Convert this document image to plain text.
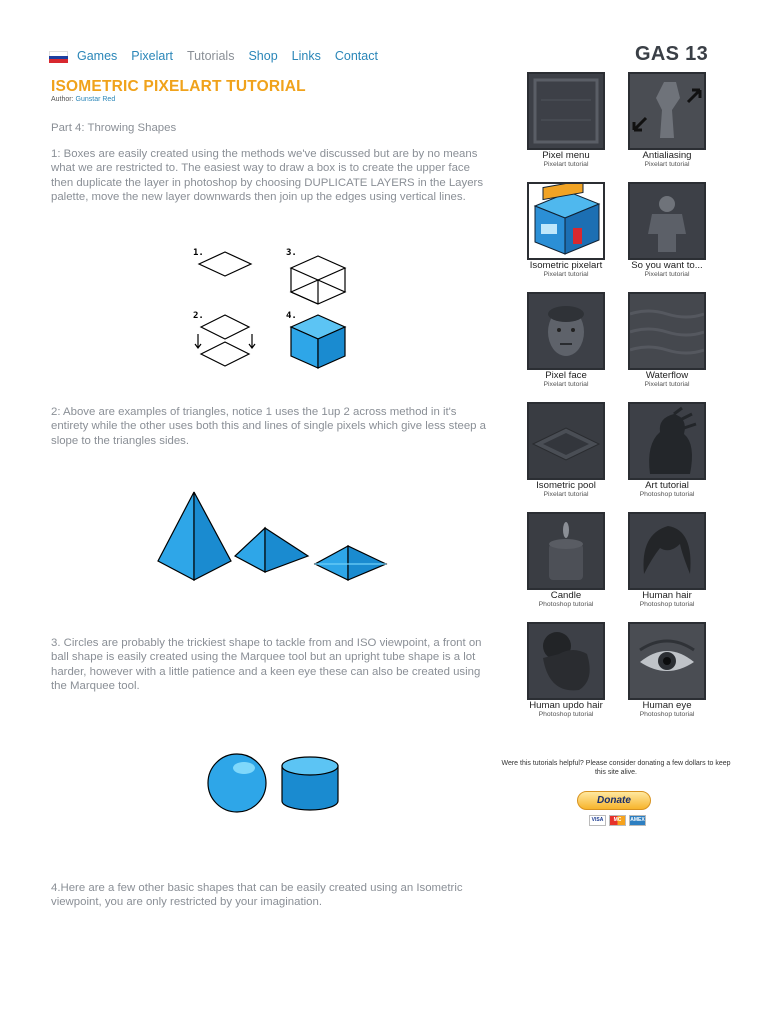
Games Pixelart Tutorials Shop Links Contact	GAS 13
ISOMETRIC PIXELART TUTORIAL
Author: Gunstar Red
Part 4: Throwing Shapes
1: Boxes are easily created using the methods we've discussed but are by no means what we are restricted to. The easiest way to draw a box is to create the upper face then duplicate the layer in photoshop by choosing DUPLICATE LAYERS in the Layers palette, move the new layer downwards then join up the edges using vertical lines.
1.	3.
2.	4.
2: Above are examples of triangles, notice 1 uses the 1up 2 across method in it's entirety while the other uses both this and lines of single pixels which give less steep a slope to the triangles sides.
3. Circles are probably the trickiest shape to tackle from and ISO viewpoint, a front on ball shape is easily created using the Marquee tool but an upright tube shape is a lot harder, however with a little patience and a keen eye these can also be created using the Marquee tool.
4.Here are a few other basic shapes that can be easily created using an Isometric viewpoint, you are only restricted by your imagination.
Pixel menu
Pixelart tutorial
Antialiasing
Pixelart tutorial
Isometric pixelart
Pixelart tutorial
So you want to...
Pixelart tutorial
Pixel face
Pixelart tutorial
Waterflow
Pixelart tutorial
Isometric pool
Pixelart tutorial
Art tutorial
Photoshop tutorial
Candle
Photoshop tutorial
Human hair
Photoshop tutorial
Human updo hair
Photoshop tutorial
Human eye
Photoshop tutorial
Were this tutorials helpful? Please consider donating a few dollars to keep this site alive.
Donate
VISA	MC	AMEX
